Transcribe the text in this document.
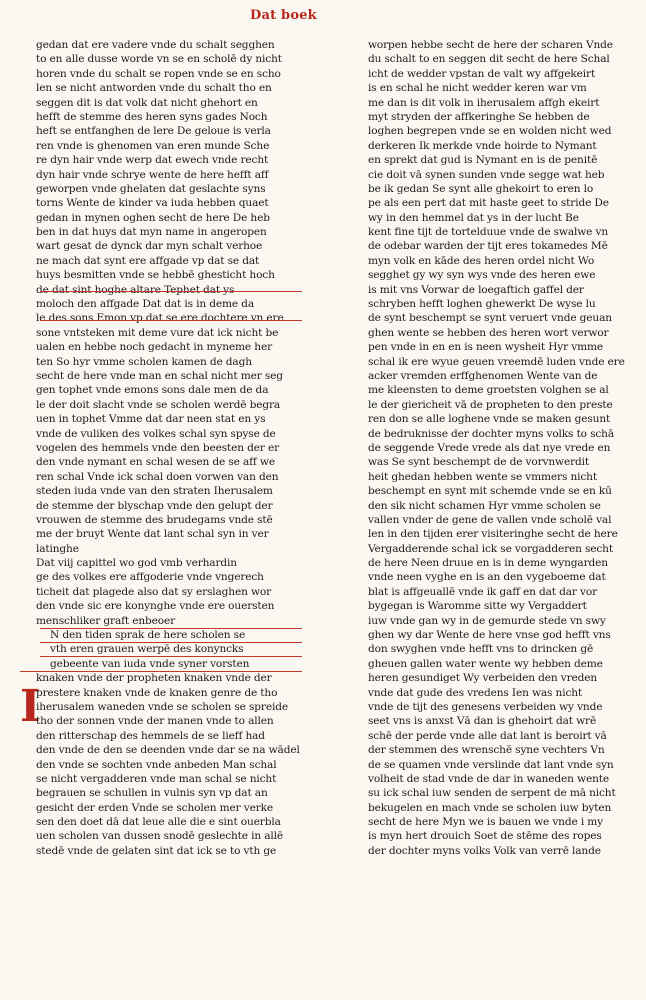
Dat boek
I
gedan dat ere vadere vnde du schalt segghen
to en alle dusse worde vn se en scholē dy nicht
horen vnde du schalt se ropen vnde se en scho
len se nicht antworden vnde du schalt tho en
seggen dit is dat volk dat nicht ghehort en
hefft de stemme des heren syns gades Noch
heft se entfanghen de lere De geloue is verla
ren vnde is ghenomen van eren munde Sche
re dyn hair vnde werp dat ewech vnde recht
dyn hair vnde schrye wente de here hefft aff
geworpen vnde ghelaten dat geslachte syns
torns Wente de kinder va iuda hebben quaet
gedan in mynen oghen secht de here De heb
ben in dat huys dat myn name in angeropen
wart gesat de dynck dar myn schalt verhoe
ne mach dat synt ere affgade vp dat se dat
huys besmitten vnde se hebbē ghesticht hoch
de dat sint hoghe altare Tephet dat ys
moloch den affgade Dat dat is in deme da
le des sons Emon vp dat se ere dochtere vn ere
sone vntsteken mit deme vure dat ick nicht be
ualen en hebbe noch gedacht in myneme her
ten So hyr vmme scholen kamen de dagh
secht de here vnde man en schal nicht mer seg
gen tophet vnde emons sons dale men de da
le der doit slacht vnde se scholen werdē begra
uen in tophet Vmme dat dar neen stat en ys
vnde de vuliken des volkes schal syn spyse de
vogelen des hemmels vnde den beesten der er
den vnde nymant en schal wesen de se aff we
ren schal Vnde ick schal doen vorwen van den
steden iuda vnde van den straten Iherusalem
de stemme der blyschap vnde den gelupt der
vrouwen de stemme des brudegams vnde stē
me der bruyt Wente dat lant schal syn in ver
latinghe
Dat viij capittel wo god vmb verhardin
ge des volkes ere affgoderie vnde vngerech
ticheit dat plagede also dat sy erslaghen wor
den vnde sic ere konynghe vnde ere ouersten
menschliker graft enbeoer
N den tiden sprak de here scholen se
vth eren grauen werpē des konyncks
gebeente van iuda vnde syner vorsten
knaken vnde der propheten knaken vnde der
prestere knaken vnde de knaken genre de tho
iherusalem waneden vnde se scholen se spreide
tho der sonnen vnde der manen vnde to allen
den ritterschap des hemmels de se lieff had
den vnde de den se deenden vnde dar se na wādel
den vnde se sochten vnde anbeden Man schal
se nicht vergadderen vnde man schal se nicht
begrauen se schullen in vulnis syn vp dat an
gesicht der erden Vnde se scholen mer verke
sen den doet dā dat leue alle die e sint ouerbla
uen scholen van dussen snodē geslechte in allē
stedē vnde de gelaten sint dat ick se to vth ge
worpen hebbe secht de here der scharen Vnde
du schalt to en seggen dit secht de here Schal
icht de wedder vpstan de valt wy affgekeirt
is en schal he nicht wedder keren war vm
me dan is dit volk in iherusalem affgh ekeirt
myt stryden der affkeringhe Se hebben de
loghen begrepen vnde se en wolden nicht wed
derkeren Ik merkde vnde hoirde to Nymant
en sprekt dat gud is Nymant en is de penitē
cie doit vā synen sunden vnde segge wat heb
be ik gedan Se synt alle ghekoirt to eren lo
pe als een pert dat mit haste geet to stride De
wy in den hemmel dat ys in der lucht Be
kent fine tijt de tortelduue vnde de swalwe vn
de odebar warden der tijt eres tokamedes Mē
myn volk en kāde des heren ordel nicht Wo
segghet gy wy syn wys vnde des heren ewe
is mit vns Vorwar de loegaftich gaffel der
schryben hefft loghen ghewerkt De wyse lu
de synt beschempt se synt veruert vnde geuan
ghen wente se hebben des heren wort verwor
pen vnde in en en is neen wysheit Hyr vmme
schal ik ere wyue geuen vreemdē luden vnde ere
acker vremden erffghenomen Wente van de
me kleensten to deme groetsten volghen se al
le der giericheit vā de propheten to den preste
ren don se alle loghene vnde se maken gesunt
de bedruknisse der dochter myns volks to schā
de seggende Vrede vrede als dat nye vrede en
was Se synt beschempt de de vorvnwerdit
heit ghedan hebben wente se vmmers nicht
beschempt en synt mit schemde vnde se en kū
den sik nicht schamen Hyr vmme scholen se
vallen vnder de gene de vallen vnde scholē val
len in den tijden erer visiteringhe secht de here
Vergadderende schal ick se vorgadderen secht
de here Neen druue en is in deme wyngarden
vnde neen vyghe en is an den vygeboeme dat
blat is affgeuallē vnde ik gaff en dat dar vor
bygegan is Waromme sitte wy Vergaddert
iuw vnde gan wy in de gemurde stede vn swy
ghen wy dar Wente de here vnse god hefft vns
don swyghen vnde hefft vns to drincken gē
gheuen gallen water wente wy hebben deme
heren gesundiget Wy verbeiden den vreden
vnde dat gude des vredens Ien was nicht
vnde de tijt des genesens verbeiden wy vnde
seet vns is anxst Vā dan is ghehoirt dat wrē
schē der perde vnde alle dat lant is beroirt vā
der stemmen des wrenschē syne vechters Vn
de se quamen vnde verslinde dat lant vnde syn
volheit de stad vnde de dar in waneden wente
su ick schal iuw senden de serpent de mā nicht
bekugelen en mach vnde se scholen iuw byten
secht de here Myn we is bauen we vnde i my
is myn hert drouich Soet de stēme des ropes
der dochter myns volks Volk van verrē lande
